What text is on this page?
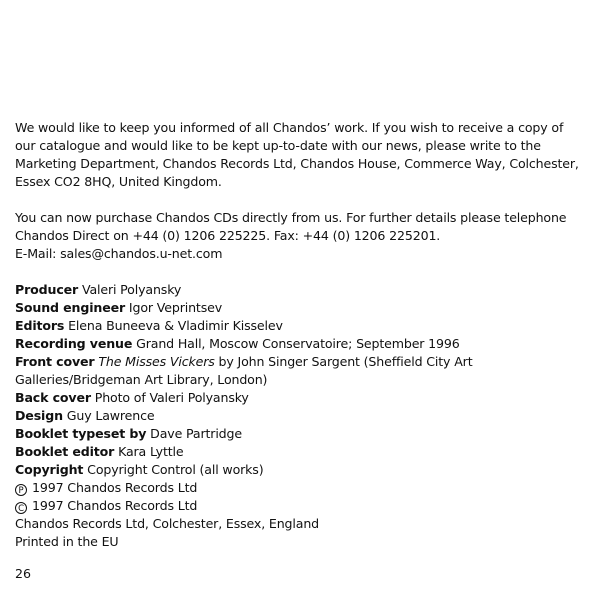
We would like to keep you informed of all Chandos’ work. If you wish to receive a copy of our catalogue and would like to be kept up-to-date with our news, please write to the Marketing Department, Chandos Records Ltd, Chandos House, Commerce Way, Colchester, Essex CO2 8HQ, United Kingdom.

You can now purchase Chandos CDs directly from us. For further details please telephone Chandos Direct on +44 (0) 1206 225225. Fax: +44 (0) 1206 225201.

E-Mail: sales@chandos.u-net.com

Producer Valeri Polyansky

Sound engineer Igor Veprintsev

Editors Elena Buneeva & Vladimir Kisselev

Recording venue Grand Hall, Moscow Conservatoire; September 1996

Front cover The Misses Vickers by John Singer Sargent (Sheffield City Art Galleries/Bridgeman Art Library, London)

Back cover Photo of Valeri Polyansky

Design Guy Lawrence

Booklet typeset by Dave Partridge

Booklet editor Kara Lyttle

Copyright Copyright Control (all works)

P 1997 Chandos Records Ltd

C 1997 Chandos Records Ltd

Chandos Records Ltd, Colchester, Essex, England

Printed in the EU

26
